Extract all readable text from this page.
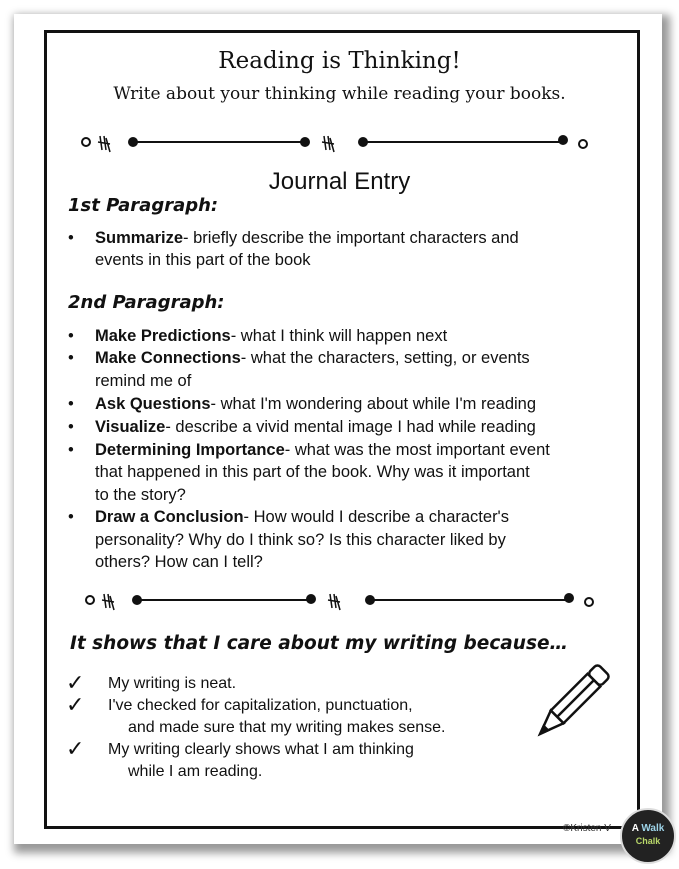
Reading is Thinking!
Write about your thinking while reading your books.
Journal Entry
1st Paragraph:
• Summarize- briefly describe the important characters and
events in this part of the book
2nd Paragraph:
• Make Predictions- what I think will happen next
• Make Connections- what the characters, setting, or events
remind me of
• Ask Questions- what I'm wondering about while I'm reading
• Visualize- describe a vivid mental image I had while reading
• Determining Importance- what was the most important event
that happened in this part of the book. Why was it important
to the story?
• Draw a Conclusion- How would I describe a character's
personality? Why do I think so? Is this character liked by
others? How can I tell?
It shows that I care about my writing because…
✓ My writing is neat.
✓ I've checked for capitalization, punctuation,
and made sure that my writing makes sense.
✓ My writing clearly shows what I am thinking
while I am reading.
©Kristen V	A Walk
Chalk
